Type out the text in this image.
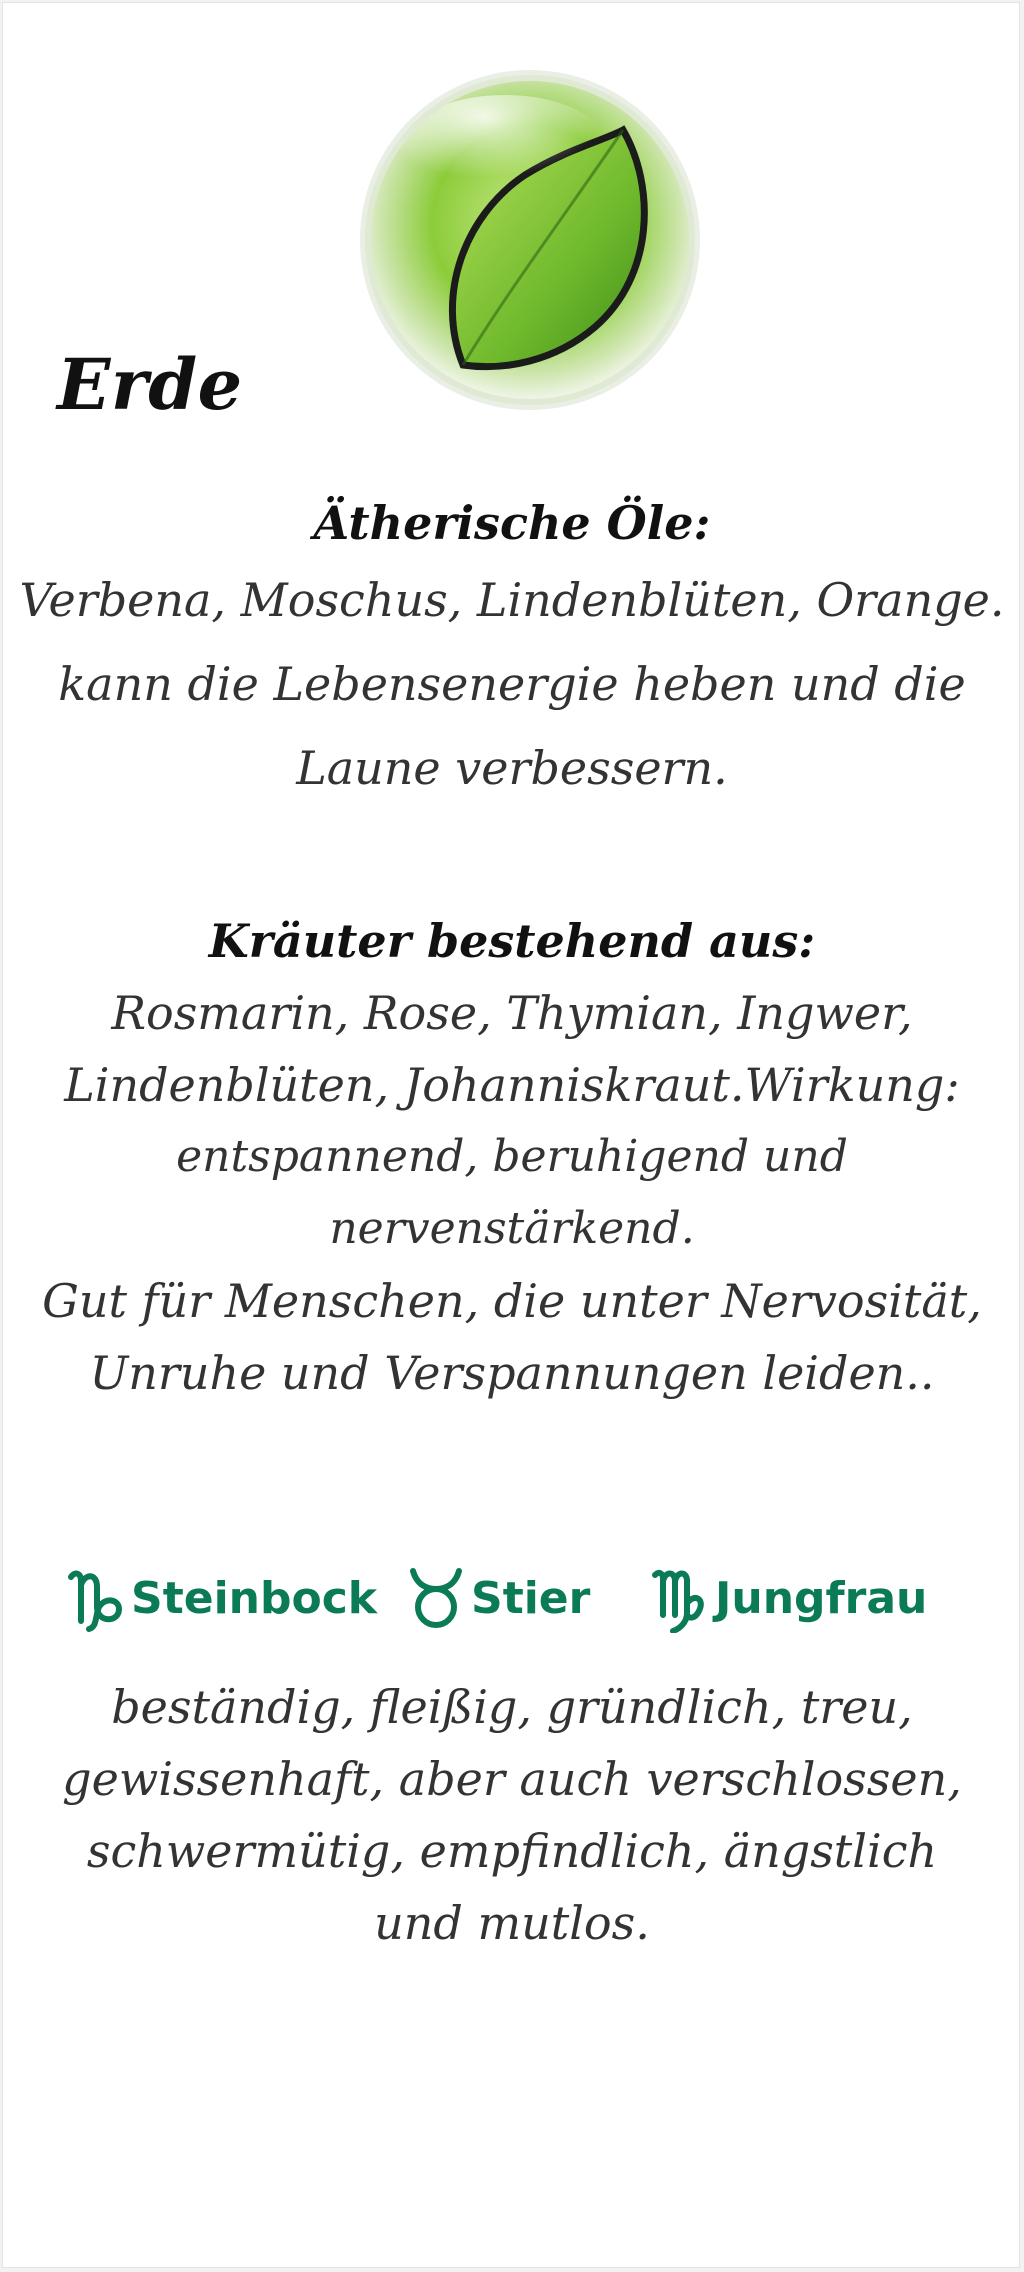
Erde
Ätherische Öle:
Verbena, Moschus, Lindenblüten, Orange.
kann die Lebensenergie heben und die
Laune verbessern.
Kräuter bestehend aus:
Rosmarin, Rose, Thymian, Ingwer,
Lindenblüten, Johanniskraut.Wirkung:
entspannend, beruhigend und nervenstärkend.
Gut für Menschen, die unter Nervosität,
Unruhe und Verspannungen leiden..
Steinbock Stier	Jungfrau
beständig, fleißig, gründlich, treu,
gewissenhaft, aber auch verschlossen,
schwermütig, empfindlich, ängstlich
und mutlos.
